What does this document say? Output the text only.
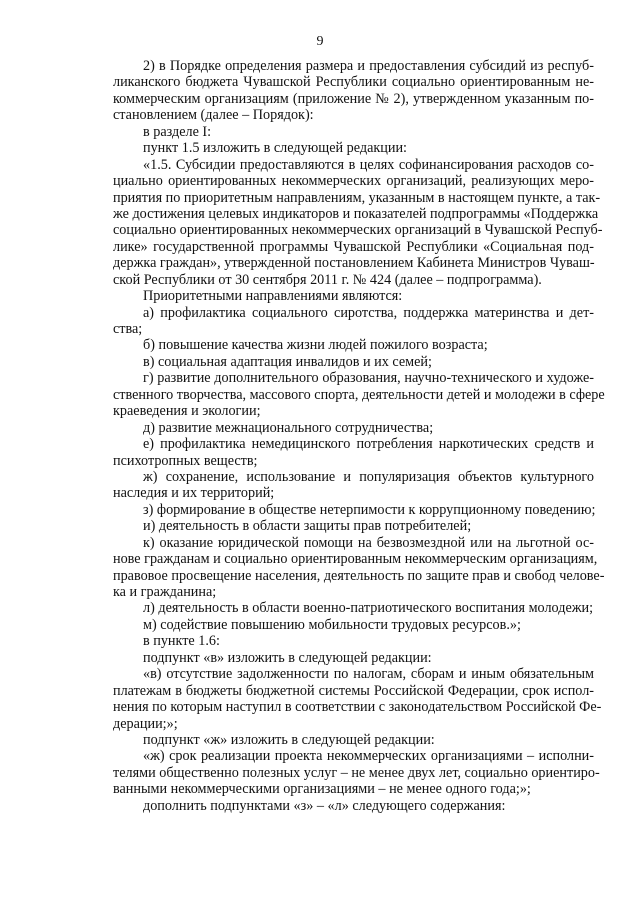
9
2) в Порядке определения размера и предоставления субсидий из респуб-
ликанского бюджета Чувашской Республики социально ориентированным не-
коммерческим организациям (приложение № 2), утвержденном указанным по-
становлением (далее – Порядок):
в разделе I:
пункт 1.5 изложить в следующей редакции:
«1.5. Субсидии предоставляются в целях софинансирования расходов со-
циально ориентированных некоммерческих организаций, реализующих меро-
приятия по приоритетным направлениям, указанным в настоящем пункте, а так-
же достижения целевых индикаторов и показателей подпрограммы «Поддержка
социально ориентированных некоммерческих организаций в Чувашской Респуб-
лике» государственной программы Чувашской Республики «Социальная под-
держка граждан», утвержденной постановлением Кабинета Министров Чуваш-
ской Республики от 30 сентября 2011 г. № 424 (далее – подпрограмма).
Приоритетными направлениями являются:
а) профилактика социального сиротства, поддержка материнства и дет-
ства;
б) повышение качества жизни людей пожилого возраста;
в) социальная адаптация инвалидов и их семей;
г) развитие дополнительного образования, научно-технического и художе-
ственного творчества, массового спорта, деятельности детей и молодежи в сфере
краеведения и экологии;
д) развитие межнационального сотрудничества;
е) профилактика немедицинского потребления наркотических средств и
психотропных веществ;
ж) сохранение, использование и популяризация объектов культурного
наследия и их территорий;
з) формирование в обществе нетерпимости к коррупционному поведению;
и) деятельность в области защиты прав потребителей;
к) оказание юридической помощи на безвозмездной или на льготной ос-
нове гражданам и социально ориентированным некоммерческим организациям,
правовое просвещение населения, деятельность по защите прав и свобод челове-
ка и гражданина;
л) деятельность в области военно-патриотического воспитания молодежи;
м) содействие повышению мобильности трудовых ресурсов.»;
в пункте 1.6:
подпункт «в» изложить в следующей редакции:
«в) отсутствие задолженности по налогам, сборам и иным обязательным
платежам в бюджеты бюджетной системы Российской Федерации, срок испол-
нения по которым наступил в соответствии с законодательством Российской Фе-
дерации;»;
подпункт «ж» изложить в следующей редакции:
«ж) срок реализации проекта некоммерческих организациями – исполни-
телями общественно полезных услуг – не менее двух лет, социально ориентиро-
ванными некоммерческими организациями – не менее одного года;»;
дополнить подпунктами «з» – «л» следующего содержания:
